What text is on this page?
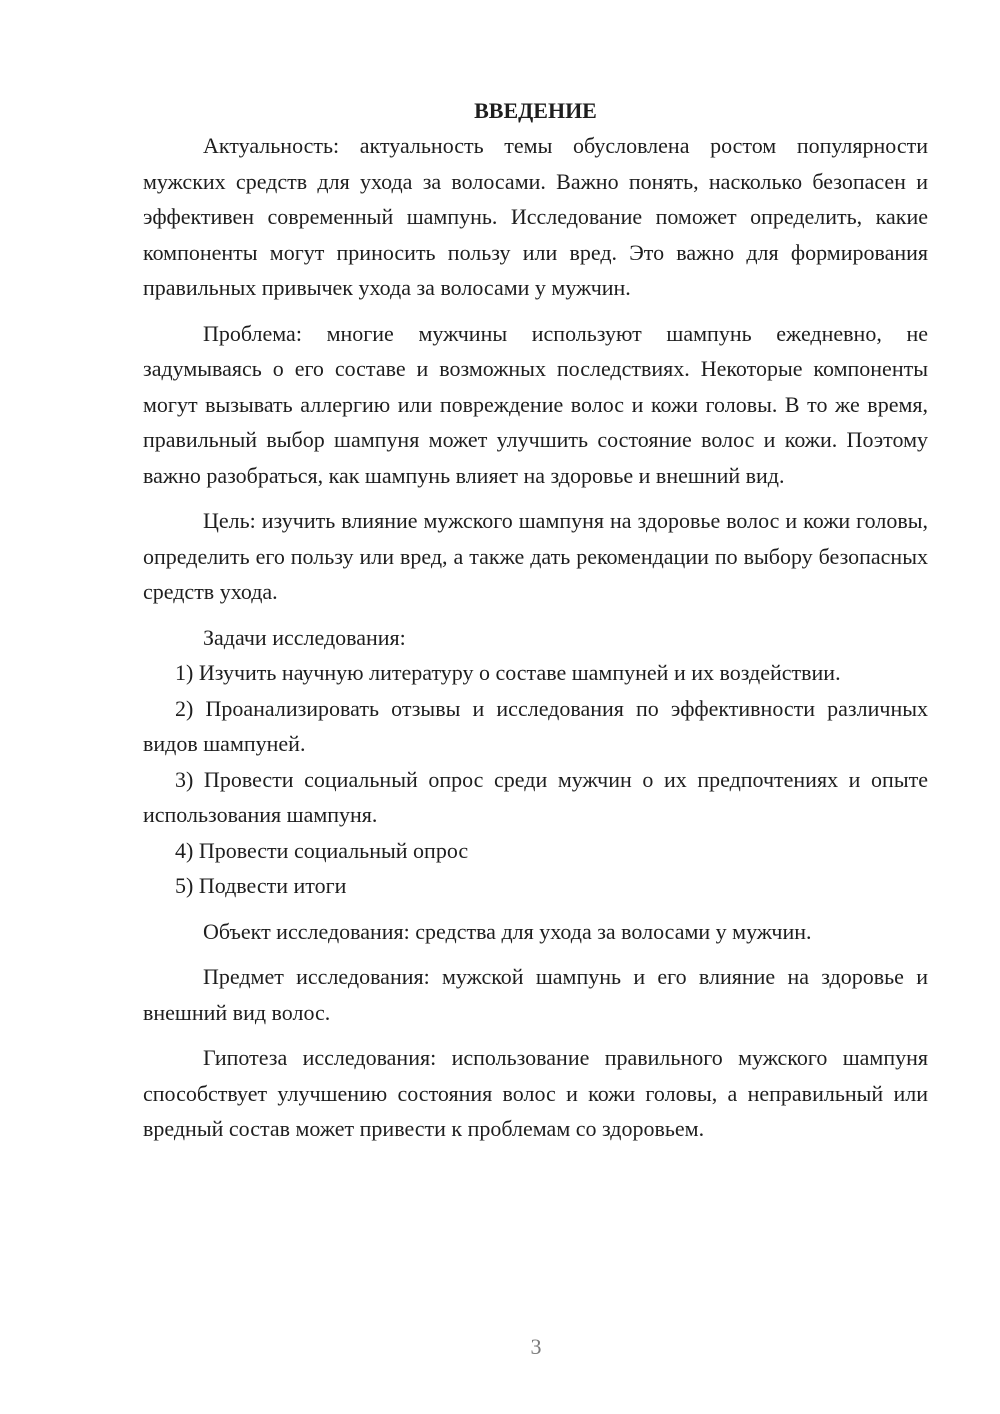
ВВЕДЕНИЕ

Актуальность: актуальность темы обусловлена ростом популярности мужских средств для ухода за волосами. Важно понять, насколько безопасен и эффективен современный шампунь. Исследование поможет определить, какие компоненты могут приносить пользу или вред. Это важно для формирования правильных привычек ухода за волосами у мужчин.

Проблема: многие мужчины используют шампунь ежедневно, не задумываясь о его составе и возможных последствиях. Некоторые компоненты могут вызывать аллергию или повреждение волос и кожи головы. В то же время, правильный выбор шампуня может улучшить состояние волос и кожи. Поэтому важно разобраться, как шампунь влияет на здоровье и внешний вид.

Цель: изучить влияние мужского шампуня на здоровье волос и кожи головы, определить его пользу или вред, а также дать рекомендации по выбору безопасных средств ухода.

Задачи исследования:

1) Изучить научную литературу о составе шампуней и их воздействии.

2) Проанализировать отзывы и исследования по эффективности различных видов шампуней.

3) Провести социальный опрос среди мужчин о их предпочтениях и опыте использования шампуня.

4) Провести социальный опрос

5) Подвести итоги

Объект исследования: средства для ухода за волосами у мужчин.

Предмет исследования: мужской шампунь и его влияние на здоровье и внешний вид волос.

Гипотеза исследования: использование правильного мужского шампуня способствует улучшению состояния волос и кожи головы, а неправильный или вредный состав может привести к проблемам со здоровьем.

3
